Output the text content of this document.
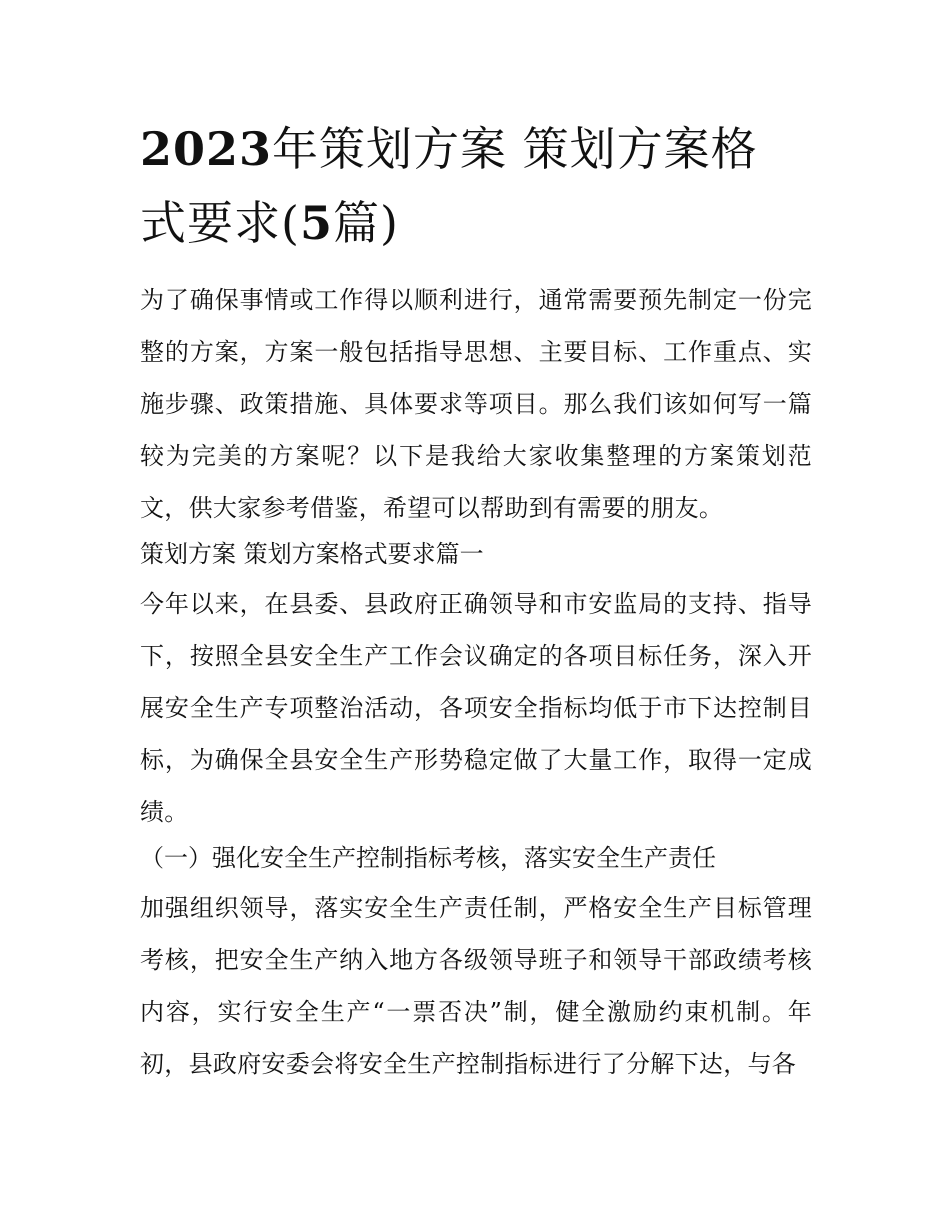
2023年策划方案 策划方案格
式要求(5篇)

为了确保事情或工作得以顺利进行，通常需要预先制定一份完整的方案，方案一般包括指导思想、主要目标、工作重点、实施步骤、政策措施、具体要求等项目。那么我们该如何写一篇较为完美的方案呢？以下是我给大家收集整理的方案策划范文，供大家参考借鉴，希望可以帮助到有需要的朋友。

策划方案 策划方案格式要求篇一

今年以来，在县委、县政府正确领导和市安监局的支持、指导下，按照全县安全生产工作会议确定的各项目标任务，深入开展安全生产专项整治活动，各项安全指标均低于市下达控制目标，为确保全县安全生产形势稳定做了大量工作，取得一定成绩。

（一）强化安全生产控制指标考核，落实安全生产责任

加强组织领导，落实安全生产责任制，严格安全生产目标管理考核，把安全生产纳入地方各级领导班子和领导干部政绩考核内容，实行安全生产“一票否决”制，健全激励约束机制。年初，县政府安委会将安全生产控制指标进行了分解下达，与各
